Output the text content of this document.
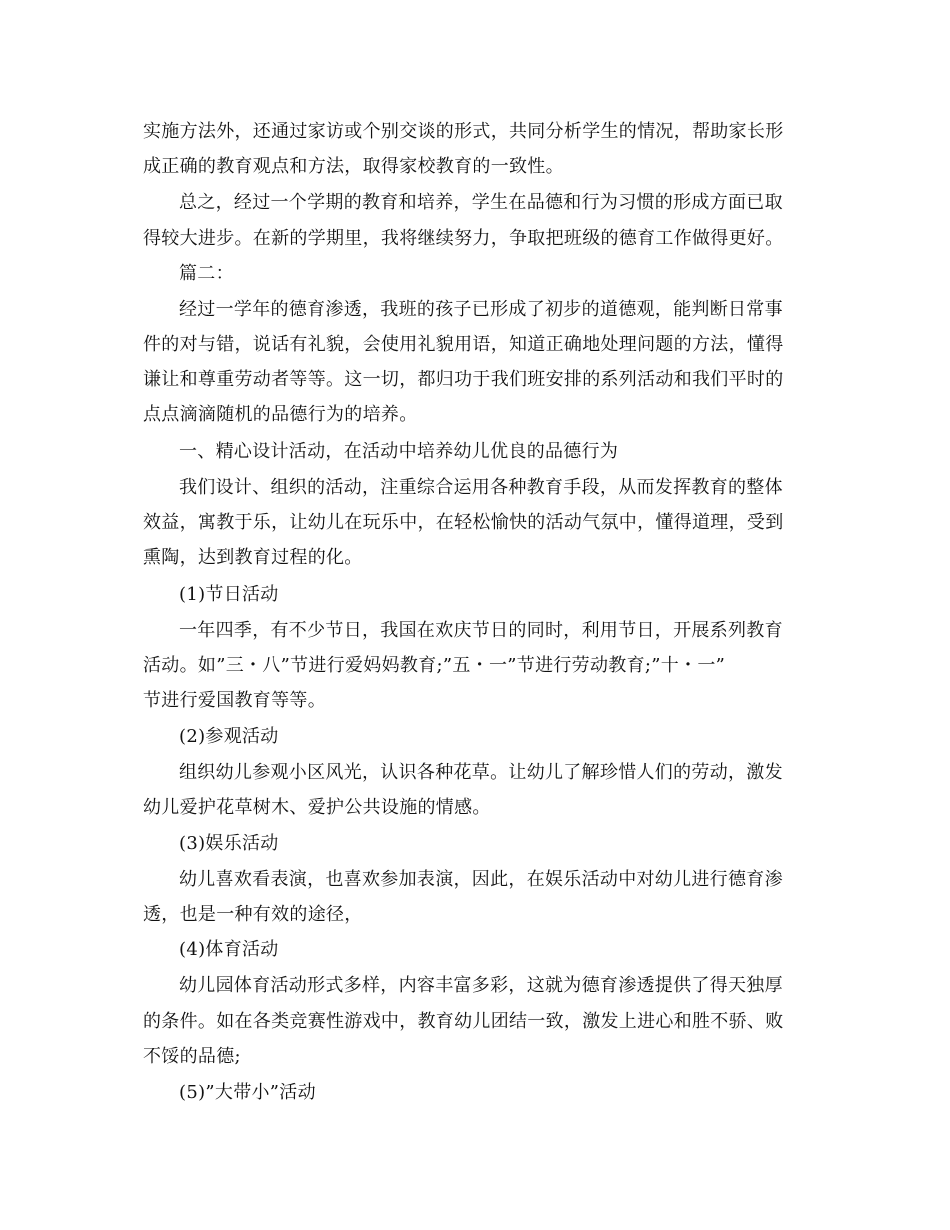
实施方法外，还通过家访或个别交谈的形式，共同分析学生的情况，帮助家长形
成正确的教育观点和方法，取得家校教育的一致性。
总之，经过一个学期的教育和培养，学生在品德和行为习惯的形成方面已取
得较大进步。在新的学期里，我将继续努力，争取把班级的德育工作做得更好。
篇二：
经过一学年的德育渗透，我班的孩子已形成了初步的道德观，能判断日常事
件的对与错，说话有礼貌，会使用礼貌用语，知道正确地处理问题的方法，懂得
谦让和尊重劳动者等等。这一切，都归功于我们班安排的系列活动和我们平时的
点点滴滴随机的品德行为的培养。
一、精心设计活动，在活动中培养幼儿优良的品德行为
我们设计、组织的活动，注重综合运用各种教育手段，从而发挥教育的整体
效益，寓教于乐，让幼儿在玩乐中，在轻松愉快的活动气氛中，懂得道理，受到
熏陶，达到教育过程的化。
(1)节日活动
一年四季，有不少节日，我国在欢庆节日的同时，利用节日，开展系列教育
活动。如”三・八”节进行爱妈妈教育;”五・一”节进行劳动教育;”十・一”
节进行爱国教育等等。
(2)参观活动
组织幼儿参观小区风光，认识各种花草。让幼儿了解珍惜人们的劳动，激发
幼儿爱护花草树木、爱护公共设施的情感。
(3)娱乐活动
幼儿喜欢看表演，也喜欢参加表演，因此，在娱乐活动中对幼儿进行德育渗
透，也是一种有效的途径，
(4)体育活动
幼儿园体育活动形式多样，内容丰富多彩，这就为德育渗透提供了得天独厚
的条件。如在各类竞赛性游戏中，教育幼儿团结一致，激发上进心和胜不骄、败
不馁的品德;
(5)”大带小”活动
